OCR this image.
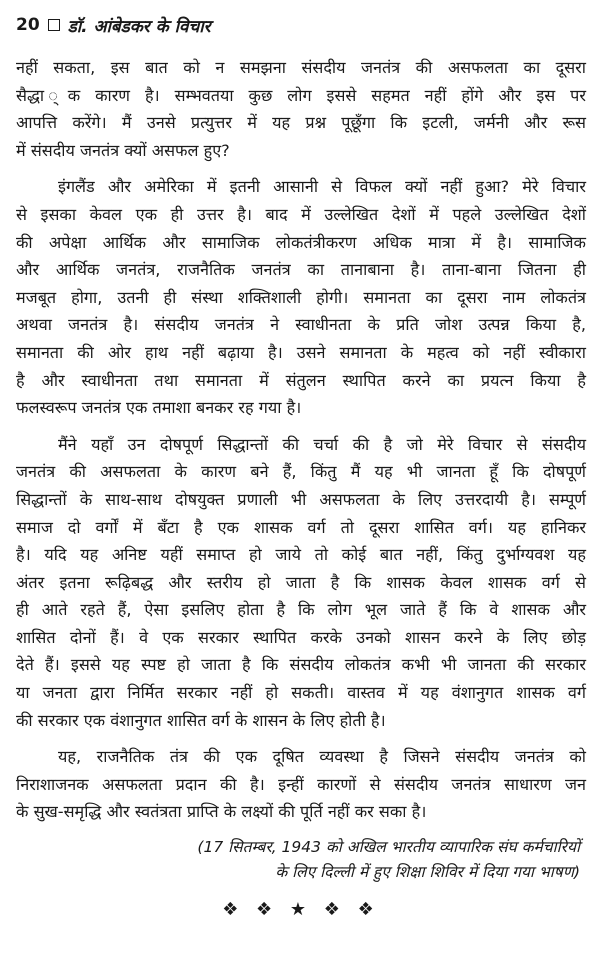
20 डॉ. आंबेडकर के विचार

नहीं सकता, इस बात को न समझना संसदीय जनतंत्र की असफलता का दूसरा
सैद्धा ्क कारण है। सम्भवतया कुछ लोग इससे सहमत नहीं होंगे और इस पर
आपत्ति करेंगे। मैं उनसे प्रत्युत्तर में यह प्रश्न पूछूँगा कि इटली, जर्मनी और रूस
में संसदीय जनतंत्र क्यों असफल हुए?

इंगलैंड और अमेरिका में इतनी आसानी से विफल क्यों नहीं हुआ? मेरे विचार
से इसका केवल एक ही उत्तर है। बाद में उल्लेखित देशों में पहले उल्लेखित देशों
की अपेक्षा आर्थिक और सामाजिक लोकतंत्रीकरण अधिक मात्रा में है। सामाजिक
और आर्थिक जनतंत्र, राजनैतिक जनतंत्र का तानाबाना है। ताना-बाना जितना ही
मजबूत होगा, उतनी ही संस्था शक्तिशाली होगी। समानता का दूसरा नाम लोकतंत्र
अथवा जनतंत्र है। संसदीय जनतंत्र ने स्वाधीनता के प्रति जोश उत्पन्न किया है,
समानता की ओर हाथ नहीं बढ़ाया है। उसने समानता के महत्व को नहीं स्वीकारा
है और स्वाधीनता तथा समानता में संतुलन स्थापित करने का प्रयत्न किया है
फलस्वरूप जनतंत्र एक तमाशा बनकर रह गया है।

मैंने यहाँ उन दोषपूर्ण सिद्धान्तों की चर्चा की है जो मेरे विचार से संसदीय
जनतंत्र की असफलता के कारण बने हैं, किंतु मैं यह भी जानता हूँ कि दोषपूर्ण
सिद्धान्तों के साथ-साथ दोषयुक्त प्रणाली भी असफलता के लिए उत्तरदायी है। सम्पूर्ण
समाज दो वर्गों में बँटा है एक शासक वर्ग तो दूसरा शासित वर्ग। यह हानिकर
है। यदि यह अनिष्ट यहीं समाप्त हो जाये तो कोई बात नहीं, किंतु दुर्भाग्यवश यह
अंतर इतना रूढ़िबद्ध और स्तरीय हो जाता है कि शासक केवल शासक वर्ग से
ही आते रहते हैं, ऐसा इसलिए होता है कि लोग भूल जाते हैं कि वे शासक और
शासित दोनों हैं। वे एक सरकार स्थापित करके उनको शासन करने के लिए छोड़
देते हैं। इससे यह स्पष्ट हो जाता है कि संसदीय लोकतंत्र कभी भी जानता की सरकार
या जनता द्वारा निर्मित सरकार नहीं हो सकती। वास्तव में यह वंशानुगत शासक वर्ग
की सरकार एक वंशानुगत शासित वर्ग के शासन के लिए होती है।

यह, राजनैतिक तंत्र की एक दूषित व्यवस्था है जिसने संसदीय जनतंत्र को
निराशाजनक असफलता प्रदान की है। इन्हीं कारणों से संसदीय जनतंत्र साधारण जन
के सुख-समृद्धि और स्वतंत्रता प्राप्ति के लक्ष्यों की पूर्ति नहीं कर सका है।

(17 सितम्बर, 1943 को अखिल भारतीय व्यापारिक संघ कर्मचारियों
के लिए दिल्ली में हुए शिक्षा शिविर में दिया गया भाषण)
❖ ❖ ★ ❖ ❖
